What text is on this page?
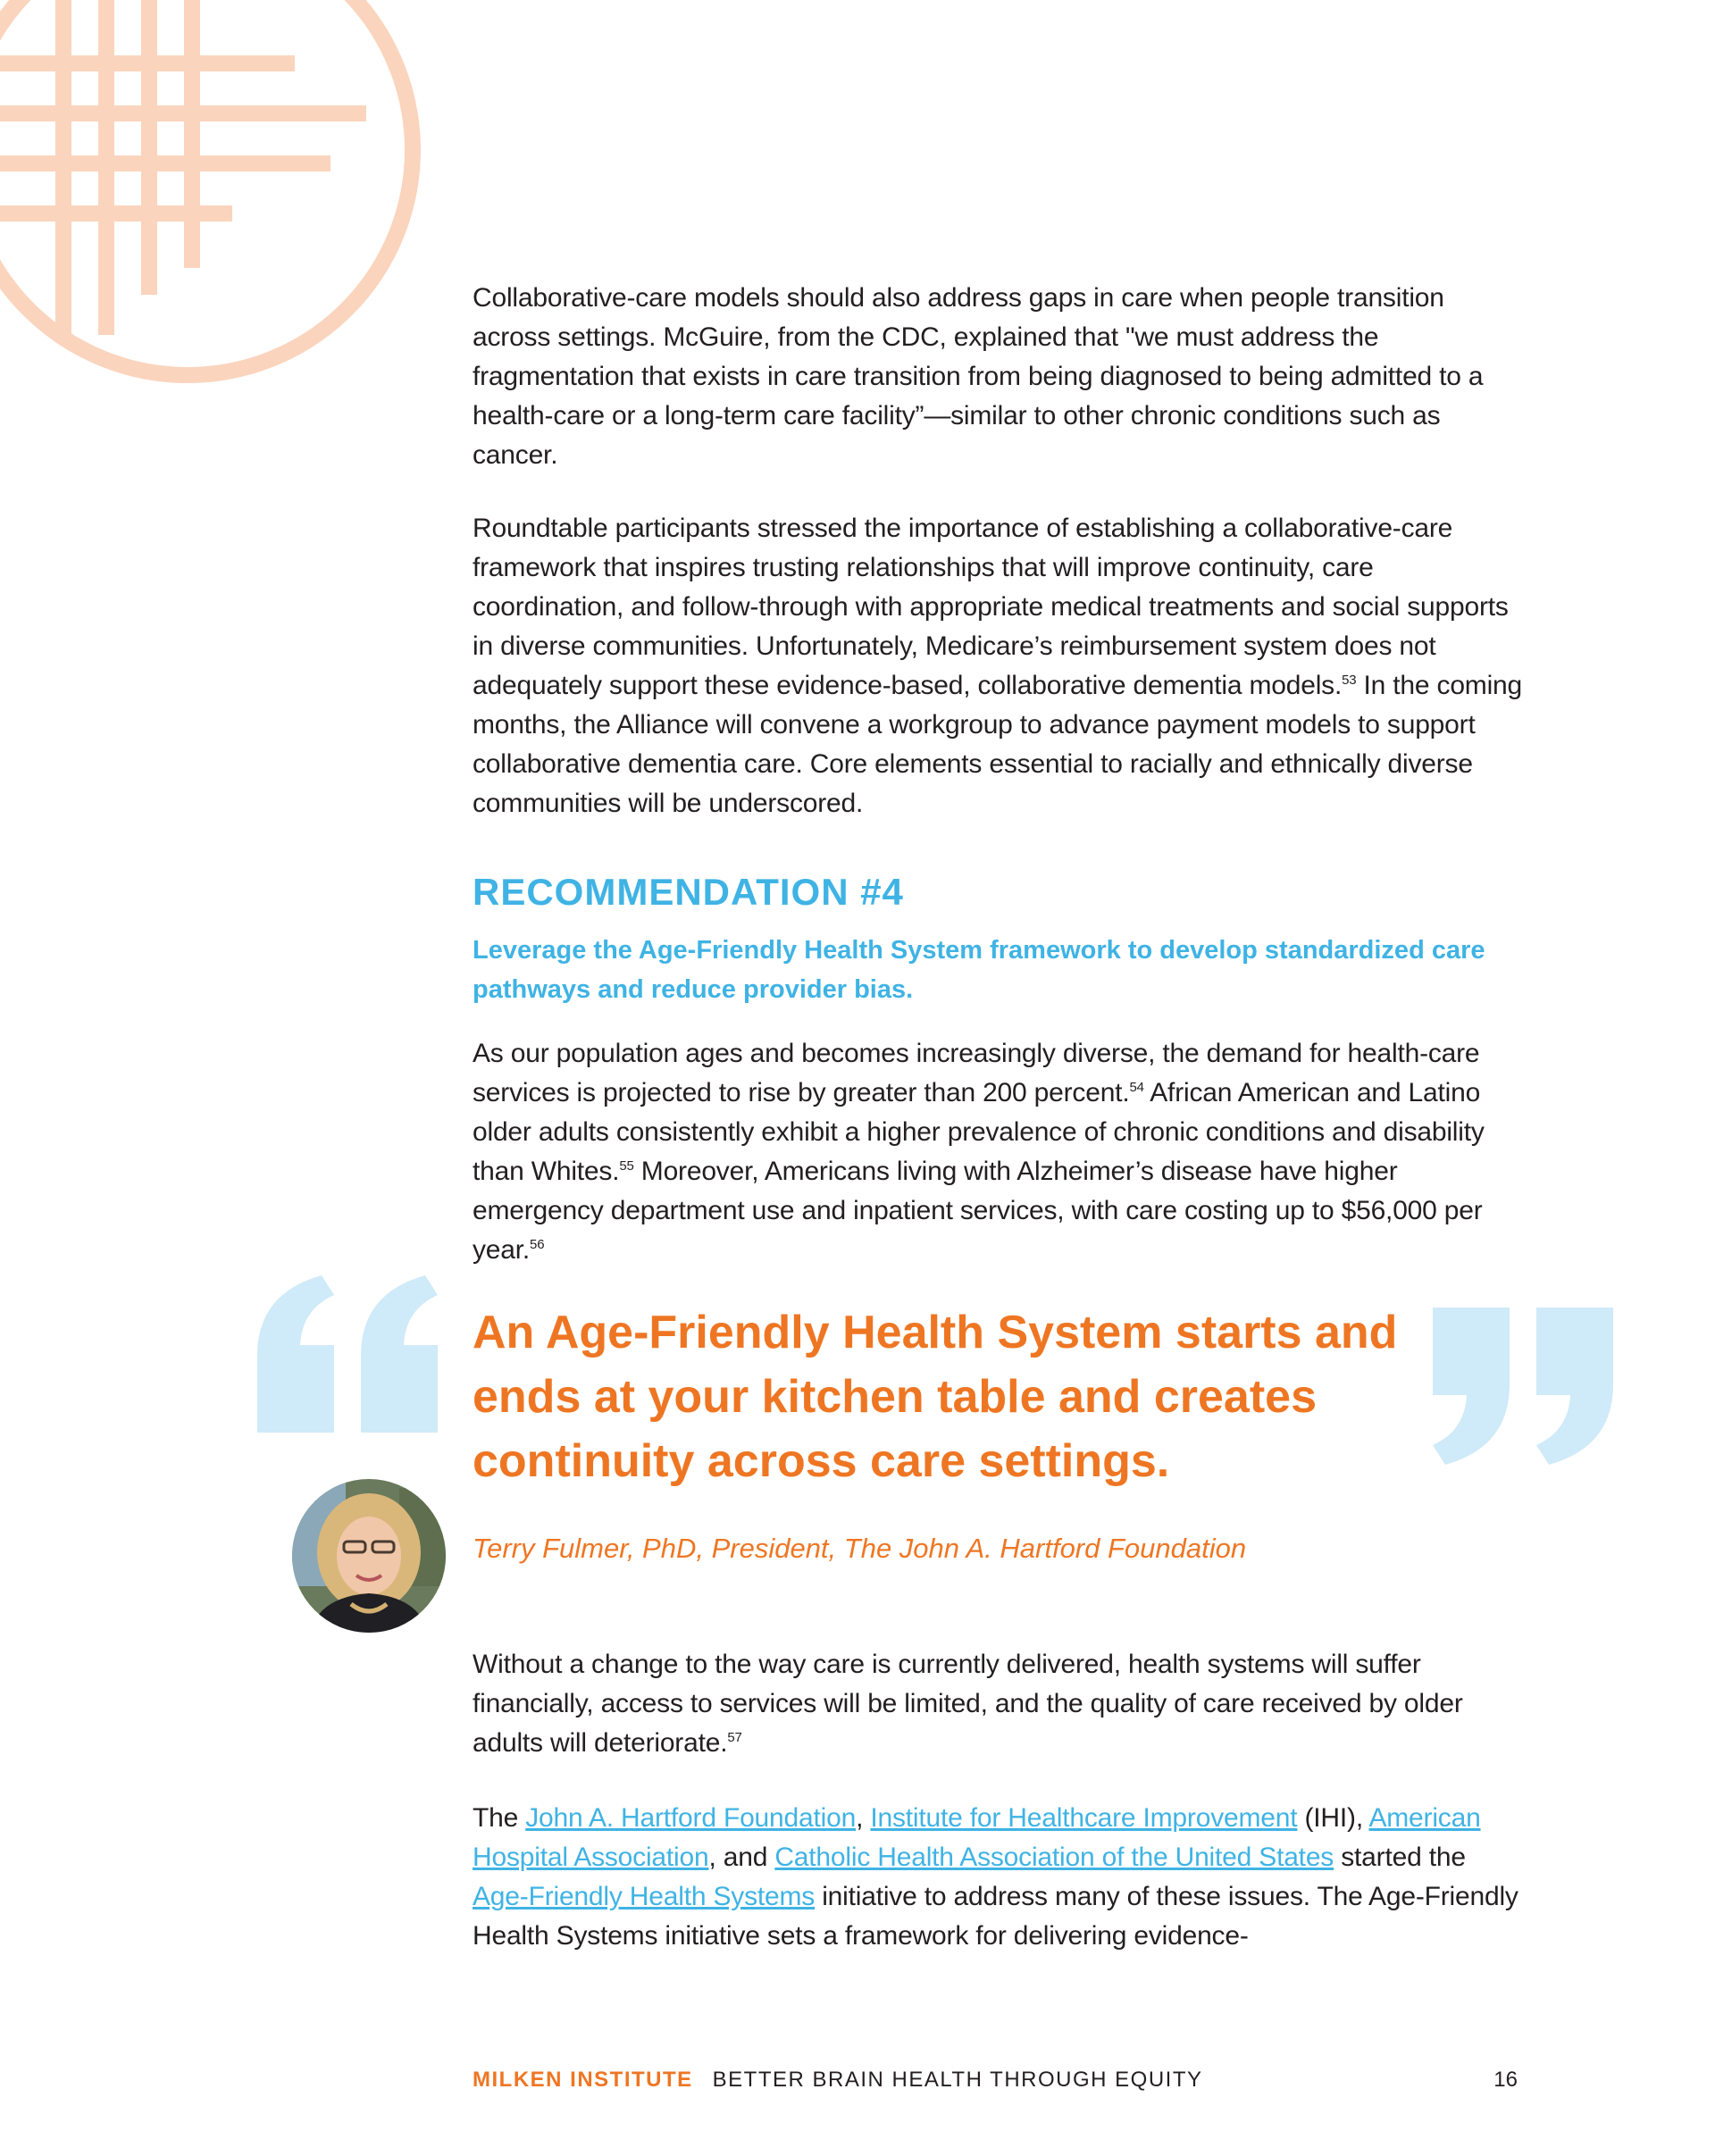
Collaborative-care models should also address gaps in care when people transition across settings. McGuire, from the CDC, explained that "we must address the fragmentation that exists in care transition from being diagnosed to being admitted to a health-care or a long-term care facility”—similar to other chronic conditions such as cancer.

Roundtable participants stressed the importance of establishing a collaborative-care framework that inspires trusting relationships that will improve continuity, care coordination, and follow-through with appropriate medical treatments and social supports in diverse communities. Unfortunately, Medicare’s reimbursement system does not adequately support these evidence-based, collaborative dementia models.$^{53}$ In the coming months, the Alliance will convene a workgroup to advance payment models to support collaborative dementia care. Core elements essential to racially and ethnically diverse communities will be underscored.

RECOMMENDATION #4
Leverage the Age-Friendly Health System framework to develop standardized care pathways and reduce provider bias.

As our population ages and becomes increasingly diverse, the demand for health-care services is projected to rise by greater than 200 percent.$^{54}$ African American and Latino older adults consistently exhibit a higher prevalence of chronic conditions and disability than Whites.$^{55}$ Moreover, Americans living with Alzheimer’s disease have higher emergency department use and inpatient services, with care costing up to $56,000 per year.$^{56}$

An Age-Friendly Health System starts and ends at your kitchen table and creates continuity across care settings.
Terry Fulmer, PhD, President, The John A. Hartford Foundation

Without a change to the way care is currently delivered, health systems will suffer financially, access to services will be limited, and the quality of care received by older adults will deteriorate.$^{57}$

The John A. Hartford Foundation, Institute for Healthcare Improvement (IHI), American Hospital Association, and Catholic Health Association of the United States started the Age-Friendly Health Systems initiative to address many of these issues. The Age-Friendly Health Systems initiative sets a framework for delivering evidence-

MILKEN INSTITUTE BETTER BRAIN HEALTH THROUGH EQUITY	16
